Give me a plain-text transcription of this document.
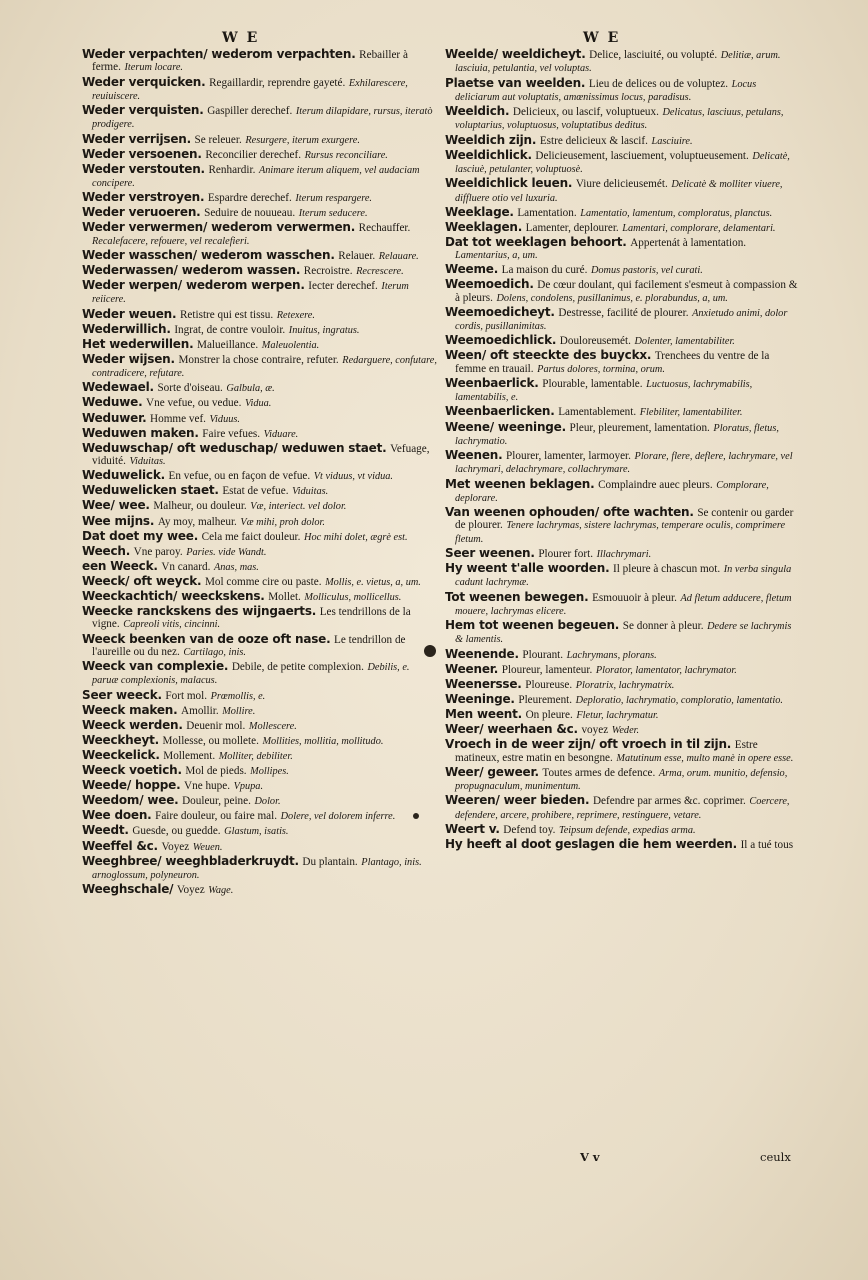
W E	W E
Weder verpachten/ wederom verpachten. Rebailler à ferme. Iterum locare.
Weder verquicken. Regaillardir, reprendre gayeté. Exhilarescere, reuiuiscere.
Weder verquisten. Gaspiller derechef. Iterum dilapidare, rursus, iteratò prodigere.
Weder verrijsen. Se releuer. Resurgere, iterum exurgere.
Weder versoenen. Reconcilier derechef. Rursus reconciliare.
Weder verstouten. Renhardir. Animare iterum aliquem, vel audaciam concipere.
Weder verstroyen. Espardre derechef. Iterum respargere.
Weder veruoeren. Seduire de nouueau. Iterum seducere.
Weder verwermen/ wederom verwermen. Rechauffer. Recalefacere, refouere, vel recalefieri.
Weder wasschen/ wederom wasschen. Relauer. Relauare.
Wederwassen/ wederom wassen. Recroistre. Recrescere.
Weder werpen/ wederom werpen. Iecter derechef. Iterum reiicere.
Weder weuen. Retistre qui est tissu. Retexere.
Wederwillich. Ingrat, de contre vouloir. Inuitus, ingratus.
Het wederwillen. Malueillance. Maleuolentia.
Weder wijsen. Monstrer la chose contraire, refuter. Redarguere, confutare, contradicere, refutare.
Wedewael. Sorte d'oiseau. Galbula, æ.
Weduwe. Vne vefue, ou vedue. Vidua.
Weduwer. Homme vef. Viduus.
Weduwen maken. Faire vefues. Viduare.
Weduwschap/ oft weduschap/ weduwen staet. Vefuage, viduité. Viduitas.
Weduwelick. En vefue, ou en façon de vefue. Vt viduus, vt vidua.
Weduwelicken staet. Estat de vefue. Viduitas.
Wee/ wee. Malheur, ou douleur. Væ, interiect. vel dolor.
Wee mijns. Ay moy, malheur. Væ mihi, proh dolor.
Dat doet my wee. Cela me faict douleur. Hoc mihi dolet, ægrè est.
Weech. Vne paroy. Paries. vide Wandt.
een Weeck. Vn canard. Anas, mas.
Weeck/ oft weyck. Mol comme cire ou paste. Mollis, e. vietus, a, um.
Weeckachtich/ weeckskens. Mollet. Molliculus, mollicellus.
Weecke ranckskens des wijngaerts. Les tendrillons de la vigne. Capreoli vitis, cincinni.
Weeck beenken van de ooze oft nase. Le tendrillon de l'aureille ou du nez. Cartilago, inis.
Weeck van complexie. Debile, de petite complexion. Debilis, e. paruæ complexionis, malacus.
Seer weeck. Fort mol. Prœmollis, e.
Weeck maken. Amollir. Mollire.
Weeck werden. Deuenir mol. Mollescere.
Weeckheyt. Mollesse, ou mollete. Mollities, mollitia, mollitudo.
Weeckelick. Mollement. Molliter, debiliter.
Weeck voetich. Mol de pieds. Mollipes.
Weede/ hoppe. Vne hupe. Vpupa.
Weedom/ wee. Douleur, peine. Dolor.
Wee doen. Faire douleur, ou faire mal. Dolere, vel dolorem inferre.
Weedt. Guesde, ou guedde. Glastum, isatis.
Weeffel &c. Voyez Weuen.
Weeghbree/ weeghbladerkruydt. Du plantain. Plantago, inis. arnoglossum, polyneuron.
Weeghschale/ Voyez Wage.
Weelde/ weeldicheyt. Delice, lasciuité, ou volupté. Delitiæ, arum. lasciuia, petulantia, vel voluptas.
Plaetse van weelden. Lieu de delices ou de voluptez. Locus deliciarum aut voluptatis, amœnissimus locus, paradisus.
Weeldich. Delicieux, ou lascif, voluptueux. Delicatus, lasciuus, petulans, voluptarius, voluptuosus, voluptatibus deditus.
Weeldich zijn. Estre delicieux & lascif. Lasciuire.
Weeldichlick. Delicieusement, lasciuement, voluptueusement. Delicatè, lasciuè, petulanter, voluptuosè.
Weeldichlick leuen. Viure delicieusemét. Delicatè & molliter viuere, diffluere otio vel luxuria.
Weeklage. Lamentation. Lamentatio, lamentum, comploratus, planctus.
Weeklagen. Lamenter, deplourer. Lamentari, complorare, delamentari.
Dat tot weeklagen behoort. Appertenát à lamentation. Lamentarius, a, um.
Weeme. La maison du curé. Domus pastoris, vel curati.
Weemoedich. De cœur doulant, qui facilement s'esmeut à compassion & à pleurs. Dolens, condolens, pusillanimus, e. plorabundus, a, um.
Weemoedicheyt. Destresse, facilité de plourer. Anxietudo animi, dolor cordis, pusillanimitas.
Weemoedichlick. Douloreusemét. Dolenter, lamentabiliter.
Ween/ oft steeckte des buyckx. Trenchees du ventre de la femme en trauail. Partus dolores, tormina, orum.
Weenbaerlick. Plourable, lamentable. Luctuosus, lachrymabilis, lamentabilis, e.
Weenbaerlicken. Lamentablement. Flebiliter, lamentabiliter.
Weene/ weeninge. Pleur, pleurement, lamentation. Ploratus, fletus, lachrymatio.
Weenen. Plourer, lamenter, larmoyer. Plorare, flere, deflere, lachrymare, vel lachrymari, delachrymare, collachrymare.
Met weenen beklagen. Complaindre auec pleurs. Complorare, deplorare.
Van weenen ophouden/ ofte wachten. Se contenir ou garder de plourer. Tenere lachrymas, sistere lachrymas, temperare oculis, comprimere fletum.
Seer weenen. Plourer fort. Illachrymari.
Hy weent t'alle woorden. Il pleure à chascun mot. In verba singula cadunt lachrymæ.
Tot weenen bewegen. Esmouuoir à pleur. Ad fletum adducere, fletum mouere, lachrymas elicere.
Hem tot weenen begeuen. Se donner à pleur. Dedere se lachrymis & lamentis.
Weenende. Plourant. Lachrymans, plorans.
Weener. Ploureur, lamenteur. Plorator, lamentator, lachrymator.
Weenersse. Ploureuse. Ploratrix, lachrymatrix.
Weeninge. Pleurement. Deploratio, lachrymatio, comploratio, lamentatio.
Men weent. On pleure. Fletur, lachrymatur.
Weer/ weerhaen &c. voyez Weder.
Vroech in de weer zijn/ oft vroech in til zijn. Estre matineux, estre matin en besongne. Matutinum esse, multo manè in opere esse.
Weer/ geweer. Toutes armes de defence. Arma, orum. munitio, defensio, propugnaculum, munimentum.
Weeren/ weer bieden. Defendre par armes &c. coprimer. Coercere, defendere, arcere, prohibere, reprimere, restinguere, vetare.
Weert v. Defend toy. Teipsum defende, expedias arma.
Hy heeft al doot geslagen die hem weerden. Il a tué tous
V v	ceulx
